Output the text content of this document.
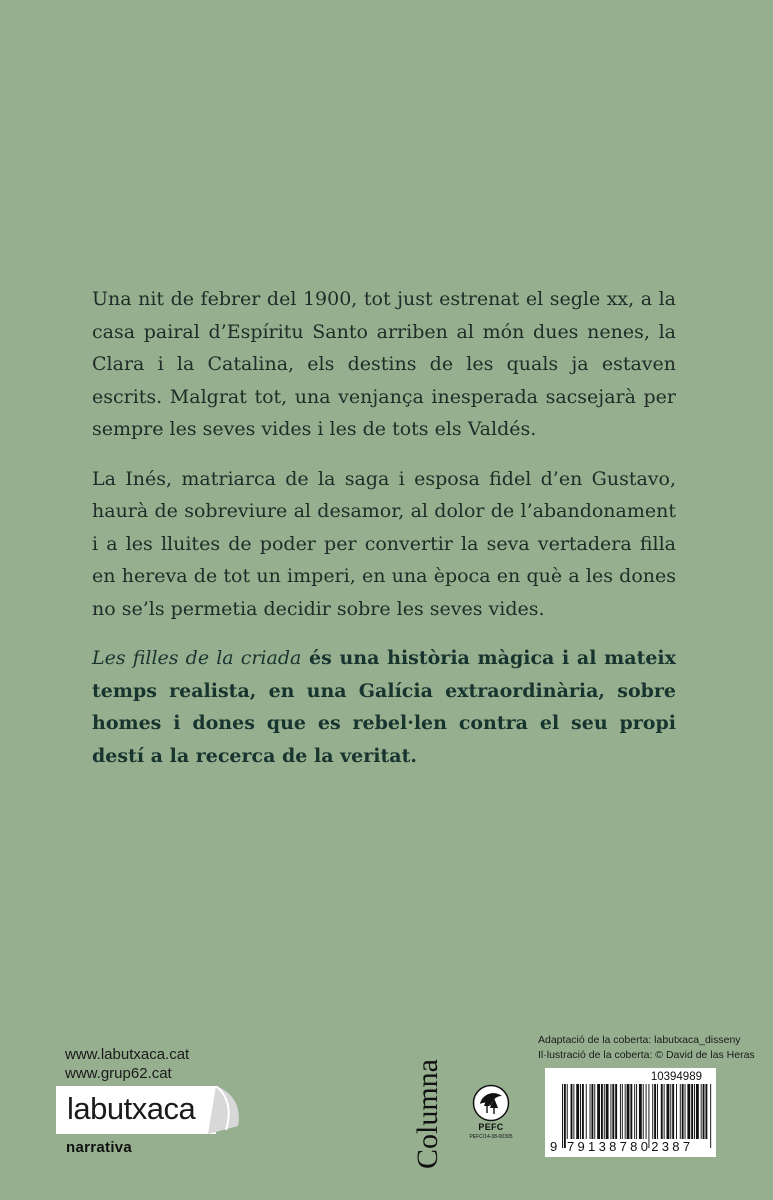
Una nit de febrer del 1900, tot just estrenat el segle xx, a la casa pairal d’Espíritu Santo arriben al món dues nenes, la Clara i la Catalina, els destins de les quals ja estaven escrits. Malgrat tot, una venjança inesperada sacsejarà per sempre les seves vides i les de tots els Valdés.

La Inés, matriarca de la saga i esposa fidel d’en Gustavo, haurà de sobreviure al desamor, al dolor de l’abandonament i a les lluites de poder per convertir la seva vertadera filla en hereva de tot un imperi, en una època en què a les dones no se’ls permetia decidir sobre les seves vides.

Les filles de la criada és una història màgica i al mateix temps realista, en una Galícia extraordinària, sobre homes i dones que es rebel·len contra el seu propi destí a la recerca de la veritat.

www.labutxaca.cat
www.grup62.cat
labutxaca
narrativa	Columna	PEFC
PEFC/14-38-00305
Adaptació de la coberta: labutxaca_disseny
Il·lustració de la coberta: © David de las Heras
10394989
9 791387802387
